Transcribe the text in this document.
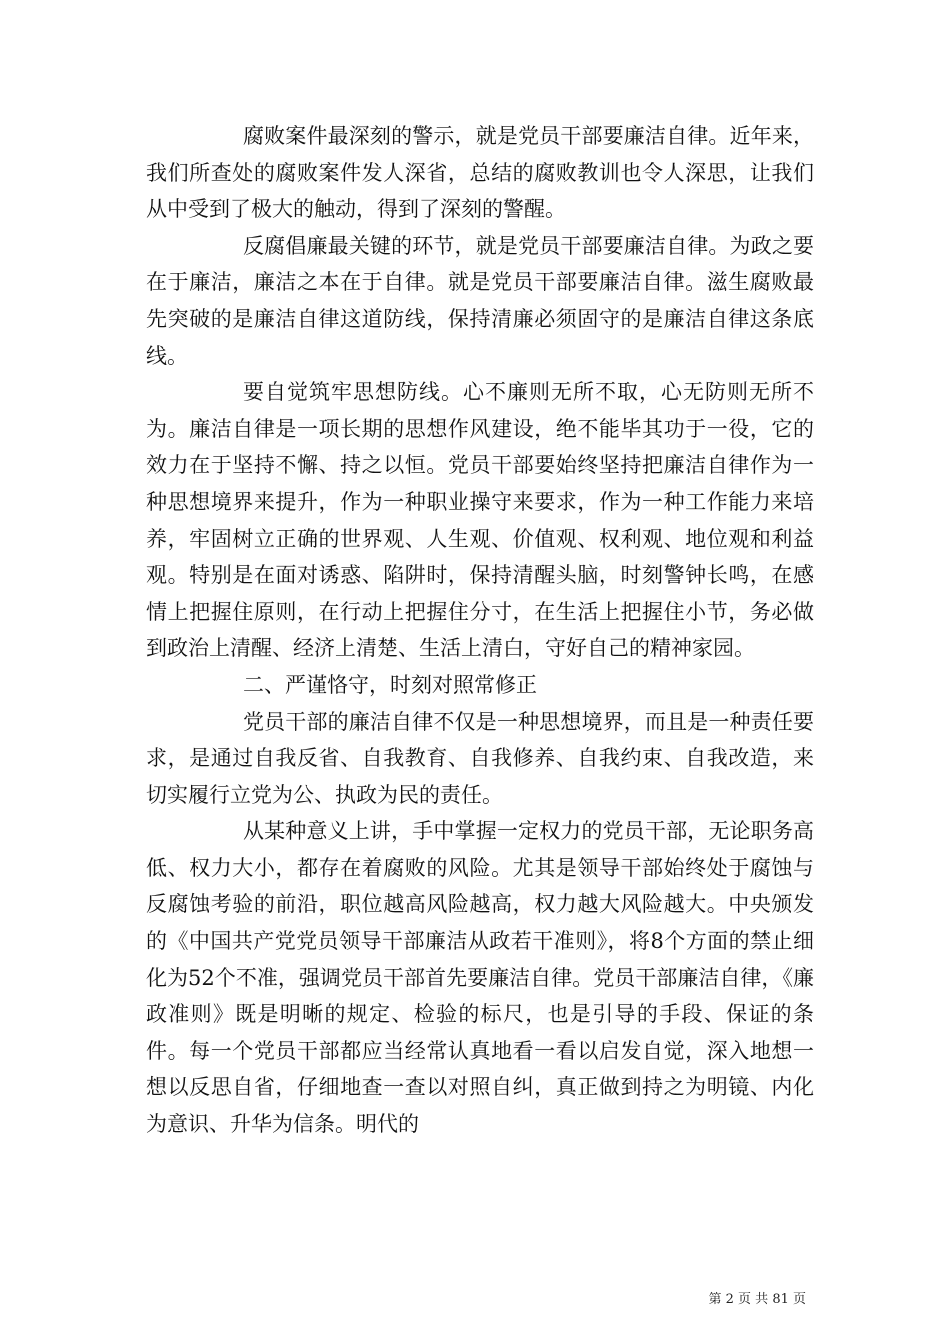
腐败案件最深刻的警示，就是党员干部要廉洁自律。近年来，我们所查处的腐败案件发人深省，总结的腐败教训也令人深思，让我们从中受到了极大的触动，得到了深刻的警醒。

反腐倡廉最关键的环节，就是党员干部要廉洁自律。为政之要在于廉洁，廉洁之本在于自律。就是党员干部要廉洁自律。滋生腐败最先突破的是廉洁自律这道防线，保持清廉必须固守的是廉洁自律这条底线。

要自觉筑牢思想防线。心不廉则无所不取，心无防则无所不为。廉洁自律是一项长期的思想作风建设，绝不能毕其功于一役，它的效力在于坚持不懈、持之以恒。党员干部要始终坚持把廉洁自律作为一种思想境界来提升，作为一种职业操守来要求，作为一种工作能力来培养，牢固树立正确的世界观、人生观、价值观、权利观、地位观和利益观。特别是在面对诱惑、陷阱时，保持清醒头脑，时刻警钟长鸣，在感情上把握住原则，在行动上把握住分寸，在生活上把握住小节，务必做到政治上清醒、经济上清楚、生活上清白，守好自己的精神家园。

二、严谨恪守，时刻对照常修正

党员干部的廉洁自律不仅是一种思想境界，而且是一种责任要求，是通过自我反省、自我教育、自我修养、自我约束、自我改造，来切实履行立党为公、执政为民的责任。

从某种意义上讲，手中掌握一定权力的党员干部，无论职务高低、权力大小，都存在着腐败的风险。尤其是领导干部始终处于腐蚀与反腐蚀考验的前沿，职位越高风险越高，权力越大风险越大。中央颁发的《中国共产党党员领导干部廉洁从政若干准则》，将8个方面的禁止细化为52个不准，强调党员干部首先要廉洁自律。党员干部廉洁自律，《廉政准则》既是明晰的规定、检验的标尺，也是引导的手段、保证的条件。每一个党员干部都应当经常认真地看一看以启发自觉，深入地想一想以反思自省，仔细地查一查以对照自纠，真正做到持之为明镜、内化为意识、升华为信条。明代的

第 2 页 共 81 页
